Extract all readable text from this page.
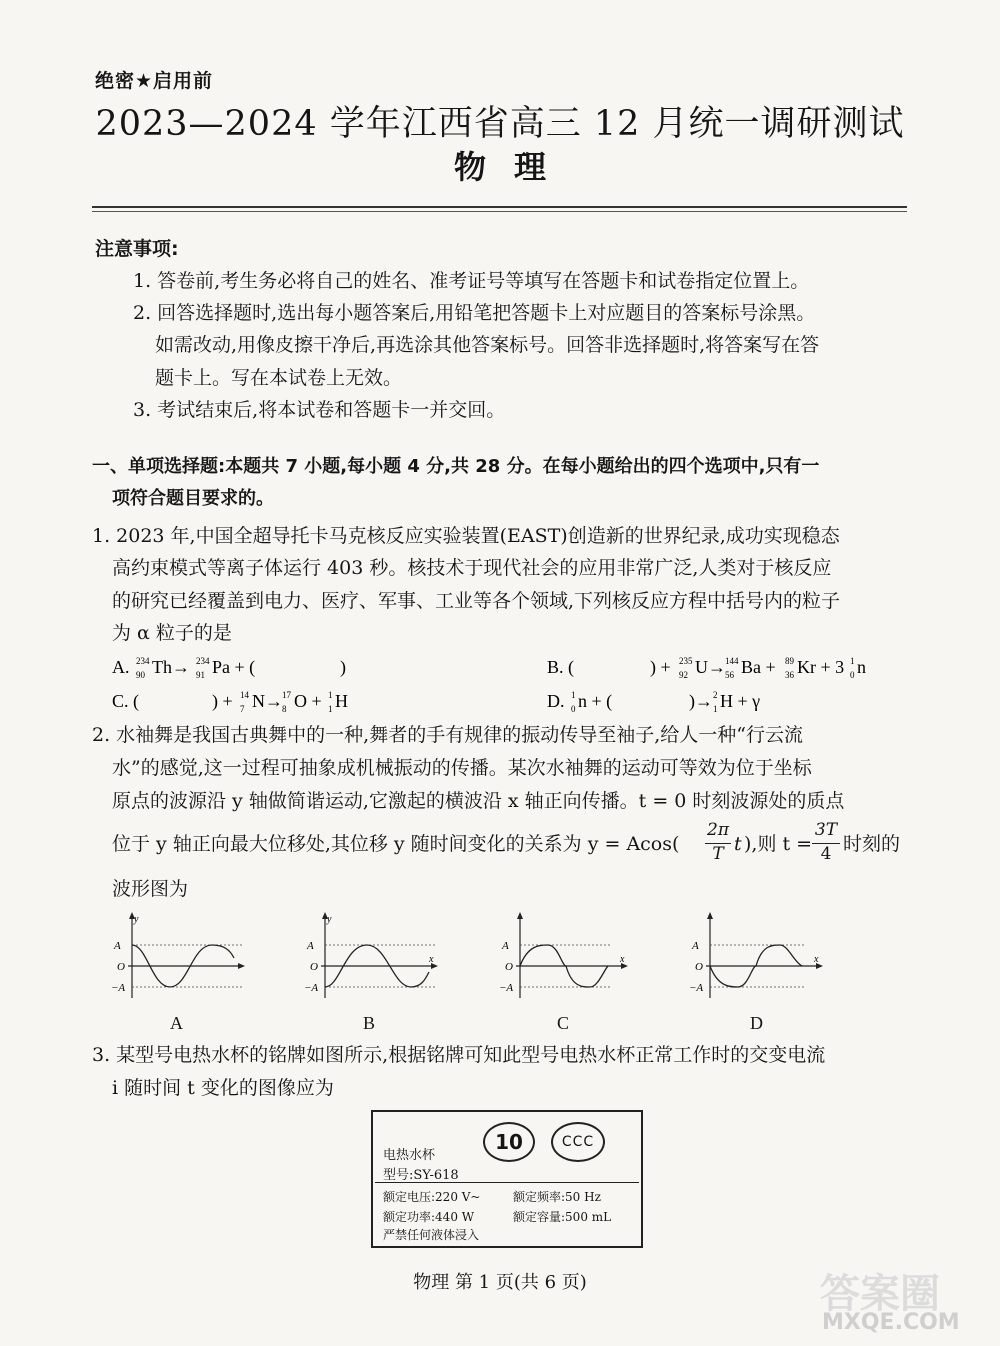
绝密★启用前
2023—2024 学年江西省高三 12 月统一调研测试
物理
注意事项:
1. 答卷前,考生务必将自己的姓名、准考证号等填写在答题卡和试卷指定位置上。
2. 回答选择题时,选出每小题答案后,用铅笔把答题卡上对应题目的答案标号涂黑。
如需改动,用像皮擦干净后,再选涂其他答案标号。回答非选择题时,将答案写在答
题卡上。写在本试卷上无效。
3. 考试结束后,将本试卷和答题卡一并交回。
一、单项选择题:本题共 7 小题,每小题 4 分,共 28 分。在每小题给出的四个选项中,只有一
项符合题目要求的。
1. 2023 年,中国全超导托卡马克核反应实验装置(EAST)创造新的世界纪录,成功实现稳态
高约束模式等离子体运行 403 秒。核技术于现代社会的应用非常广泛,人类对于核反应
的研究已经覆盖到电力、医疗、军事、工业等各个领域,下列核反应方程中括号内的粒子
为 α 粒子的是
A. 234
90 Th→ 234
91 Pa + (	)	B. (	) + 235
92 U→ 144
56 Ba + 89
36 Kr + 3 1
0 n
C. (	) + 14
7 N→ 17
8 O + 1
1 H	D. 1
0 n + (	)→ 2
1 H + γ
2. 水袖舞是我国古典舞中的一种,舞者的手有规律的振动传导至袖子,给人一种“行云流
水”的感觉,这一过程可抽象成机械振动的传播。某次水袖舞的运动可等效为位于坐标
原点的波源沿 y 轴做简谐运动,它激起的横波沿 x 轴正向传播。t = 0 时刻波源处的质点
位于 y 轴正向最大位移处,其位移 y 随时间变化的关系为 y = Acos(
2π
T t ),则 t =
3T
4 时刻的
波形图为
y
A
O
−A
x
y
A
O
−A
x
A
O
−A
x
A
O
−A
A	B	C	D
3. 某型号电热水杯的铭牌如图所示,根据铭牌可知此型号电热水杯正常工作时的交变电流
i 随时间 t 变化的图像应为
电热水杯
10	CCC
型号:SY-618
额定电压:220 V~	额定频率:50 Hz
额定功率:440 W	额定容量:500 mL
严禁任何液体浸入
物理 第 1 页(共 6 页)	答案圈
MXQE.COM
